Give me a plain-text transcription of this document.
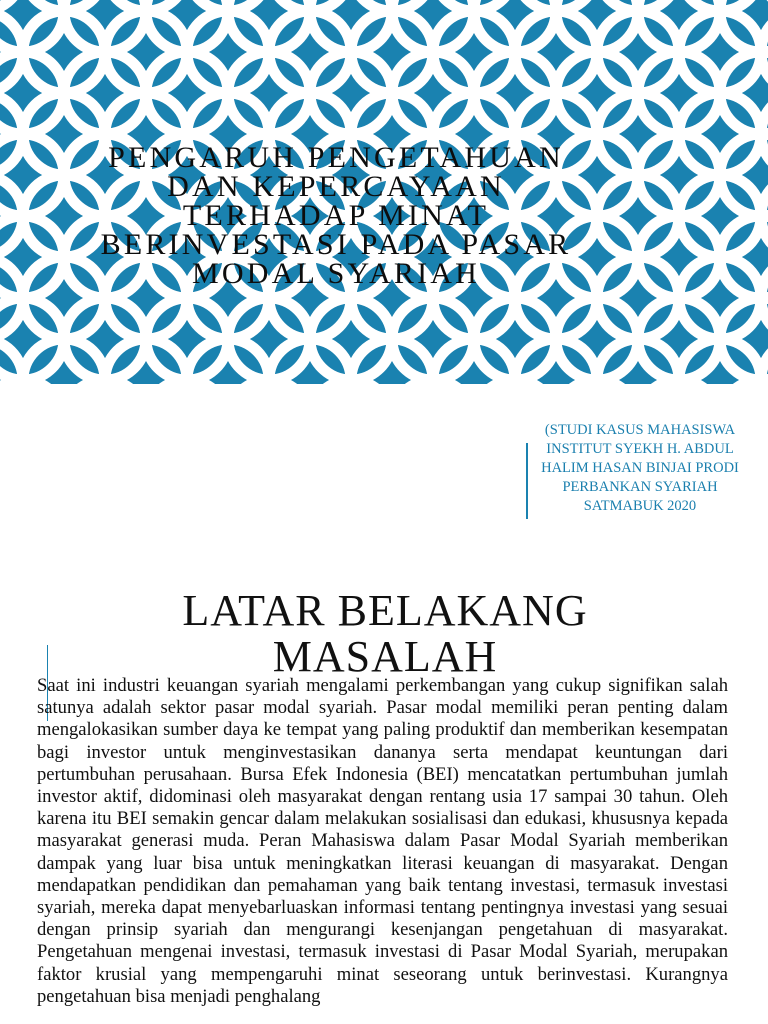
PENGARUH PENGETAHUAN DAN KEPERCAYAAN TERHADAP MINAT BERINVESTASI PADA PASAR MODAL SYARIAH
(STUDI KASUS MAHASISWA INSTITUT SYEKH H. ABDUL HALIM HASAN BINJAI PRODI PERBANKAN SYARIAH SATMABUK 2020
LATAR BELAKANG MASALAH

Saat ini industri keuangan syariah mengalami perkembangan yang cukup signifikan salah satunya adalah sektor pasar modal syariah. Pasar modal memiliki peran penting dalam mengalokasikan sumber daya ke tempat yang paling produktif dan memberikan kesempatan bagi investor untuk menginvestasikan dananya serta mendapat keuntungan dari pertumbuhan perusahaan. Bursa Efek Indonesia (BEI) mencatatkan pertumbuhan jumlah investor aktif, didominasi oleh masyarakat dengan rentang usia 17 sampai 30 tahun. Oleh karena itu BEI semakin gencar dalam melakukan sosialisasi dan edukasi, khususnya kepada masyarakat generasi muda. Peran Mahasiswa dalam Pasar Modal Syariah memberikan dampak yang luar bisa untuk meningkatkan literasi keuangan di masyarakat. Dengan mendapatkan pendidikan dan pemahaman yang baik tentang investasi, termasuk investasi syariah, mereka dapat menyebarluaskan informasi tentang pentingnya investasi yang sesuai dengan prinsip syariah dan mengurangi kesenjangan pengetahuan di masyarakat. Pengetahuan mengenai investasi, termasuk investasi di Pasar Modal Syariah, merupakan faktor krusial yang mempengaruhi minat seseorang untuk berinvestasi. Kurangnya pengetahuan bisa menjadi penghalang
